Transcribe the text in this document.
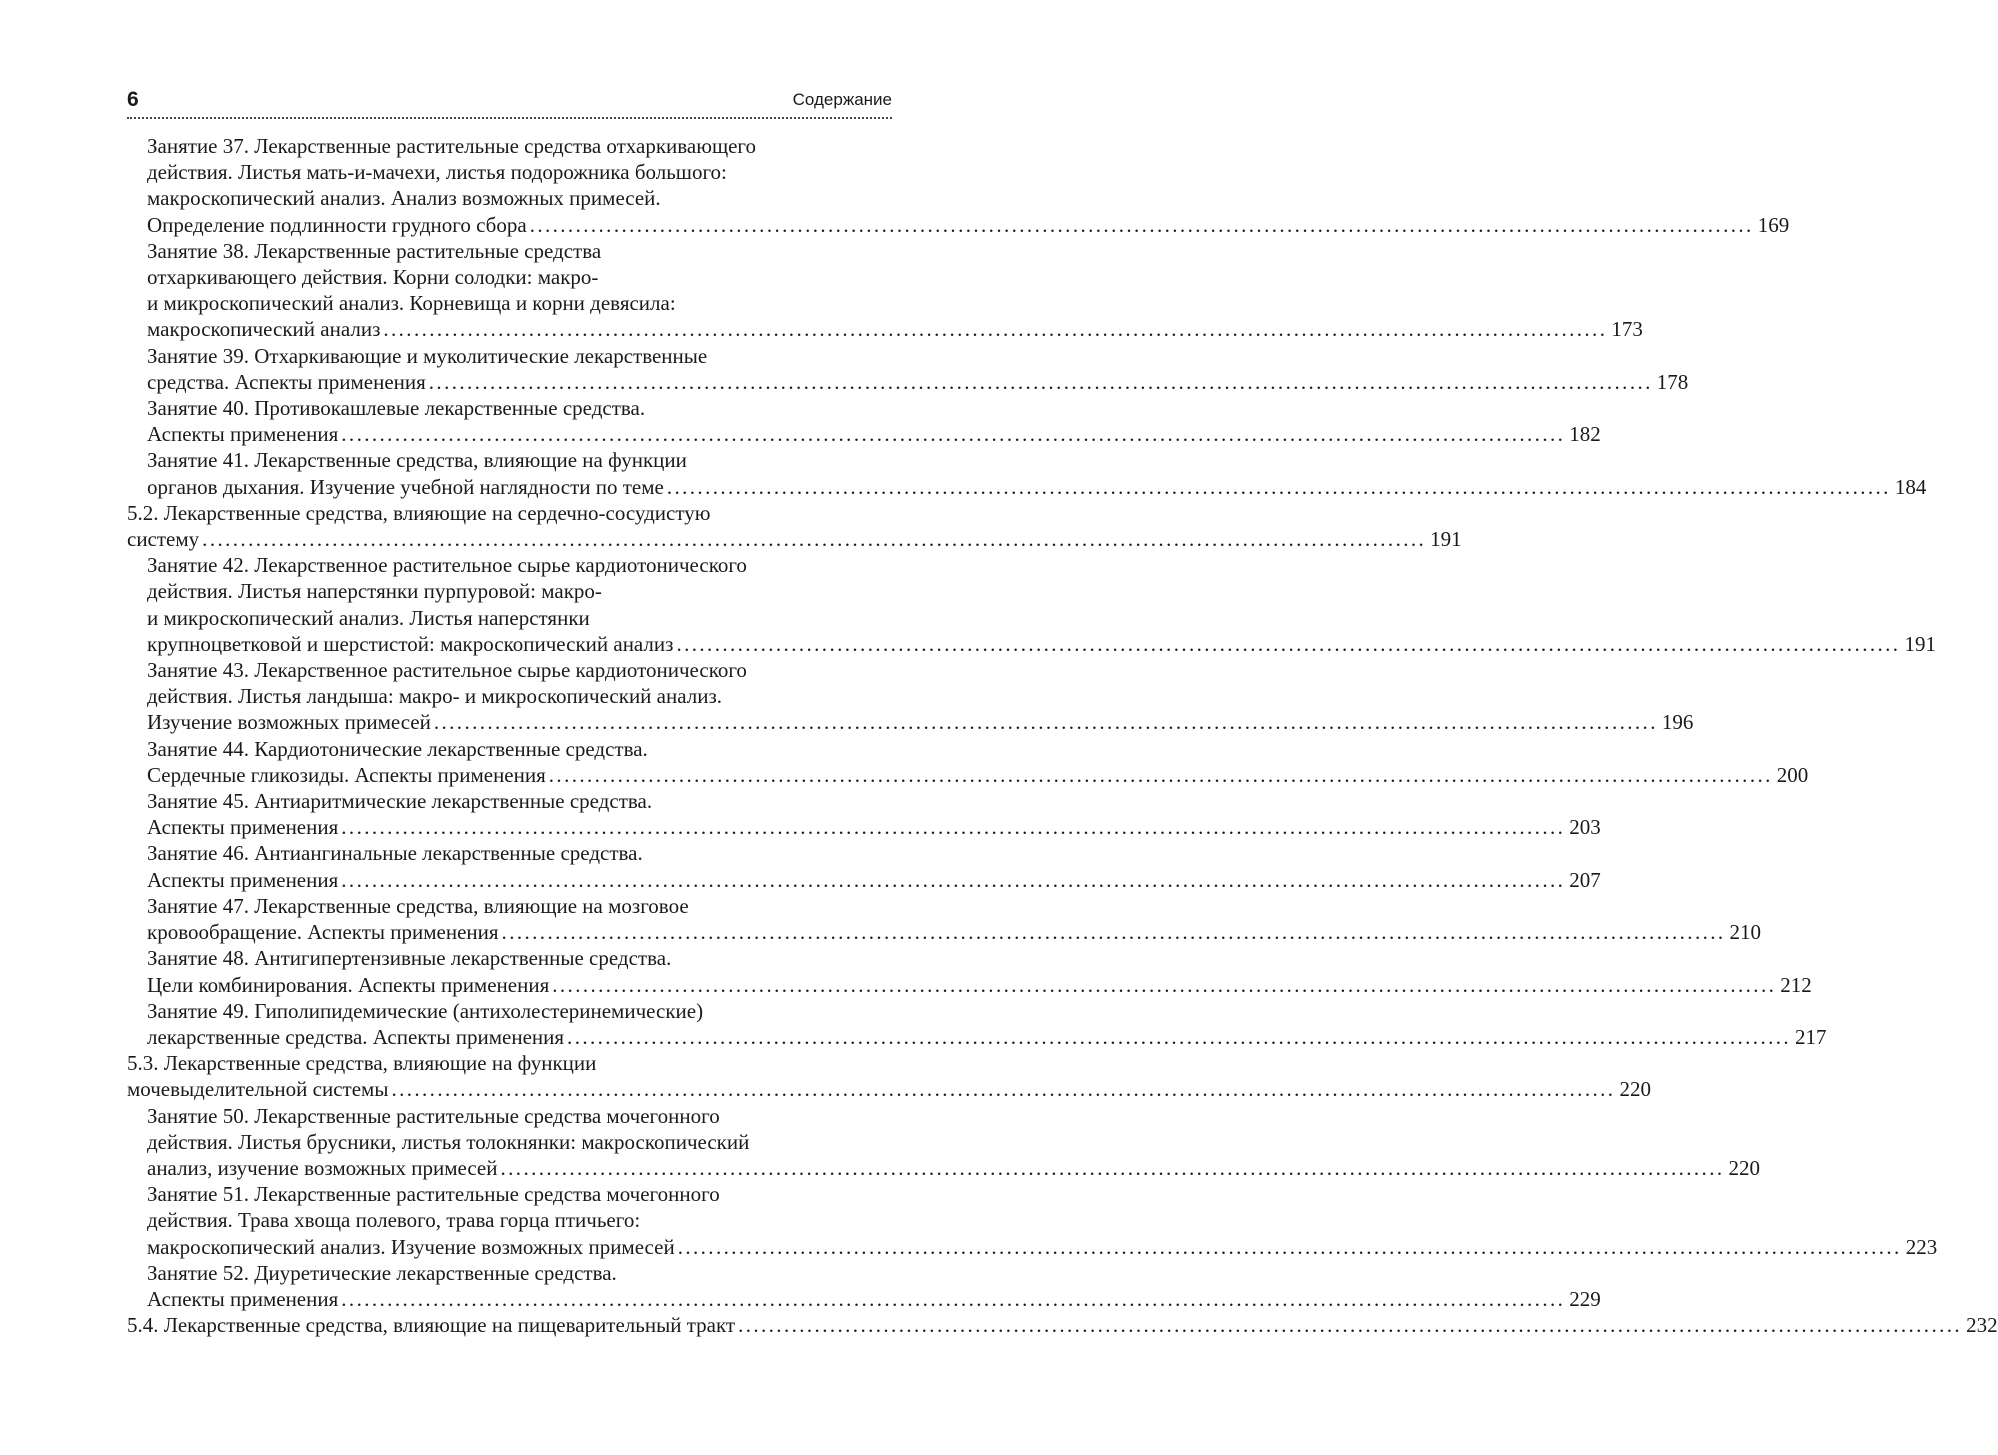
6	Содержание
Занятие 37. Лекарственные растительные средства отхаркивающего
действия. Листья мать-и-мачехи, листья подорожника большого:
макроскопический анализ. Анализ возможных примесей.
Определение подлинности грудного сбора ................................................................................................................................................................ 169
Занятие 38. Лекарственные растительные средства
отхаркивающего действия. Корни солодки: макро-
и микроскопический анализ. Корневища и корни девясила:
макроскопический анализ ................................................................................................................................................................ 173
Занятие 39. Отхаркивающие и муколитические лекарственные
средства. Аспекты применения ................................................................................................................................................................ 178
Занятие 40. Противокашлевые лекарственные средства.
Аспекты применения ................................................................................................................................................................ 182
Занятие 41. Лекарственные средства, влияющие на функции
органов дыхания. Изучение учебной наглядности по теме ................................................................................................................................................................ 184
5.2. Лекарственные средства, влияющие на сердечно-сосудистую
систему ................................................................................................................................................................ 191
Занятие 42. Лекарственное растительное сырье кардиотонического
действия. Листья наперстянки пурпуровой: макро-
и микроскопический анализ. Листья наперстянки
крупноцветковой и шерстистой: макроскопический анализ ................................................................................................................................................................ 191
Занятие 43. Лекарственное растительное сырье кардиотонического
действия. Листья ландыша: макро- и микроскопический анализ.
Изучение возможных примесей ................................................................................................................................................................ 196
Занятие 44. Кардиотонические лекарственные средства.
Сердечные гликозиды. Аспекты применения ................................................................................................................................................................ 200
Занятие 45. Антиаритмические лекарственные средства.
Аспекты применения ................................................................................................................................................................ 203
Занятие 46. Антиангинальные лекарственные средства.
Аспекты применения ................................................................................................................................................................ 207
Занятие 47. Лекарственные средства, влияющие на мозговое
кровообращение. Аспекты применения ................................................................................................................................................................ 210
Занятие 48. Антигипертензивные лекарственные средства.
Цели комбинирования. Аспекты применения ................................................................................................................................................................ 212
Занятие 49. Гиполипидемические (антихолестеринемические)
лекарственные средства. Аспекты применения ................................................................................................................................................................ 217
5.3. Лекарственные средства, влияющие на функции
мочевыделительной системы ................................................................................................................................................................ 220
Занятие 50. Лекарственные растительные средства мочегонного
действия. Листья брусники, листья толокнянки: макроскопический
анализ, изучение возможных примесей ................................................................................................................................................................ 220
Занятие 51. Лекарственные растительные средства мочегонного
действия. Трава хвоща полевого, трава горца птичьего:
макроскопический анализ. Изучение возможных примесей ................................................................................................................................................................ 223
Занятие 52. Диуретические лекарственные средства.
Аспекты применения ................................................................................................................................................................ 229
5.4. Лекарственные средства, влияющие на пищеварительный тракт ................................................................................................................................................................ 232
